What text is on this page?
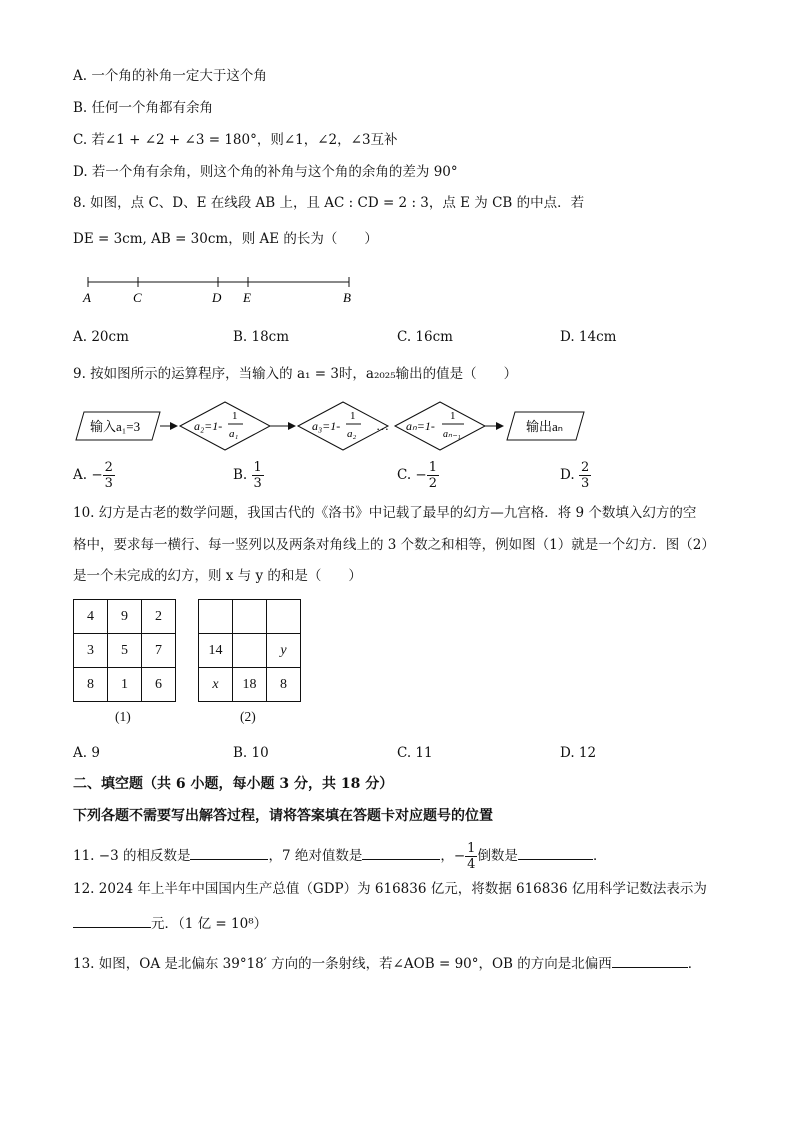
A. 一个角的补角一定大于这个角
B. 任何一个角都有余角
C. 若∠1 + ∠2 + ∠3 = 180°，则∠1，∠2，∠3互补
D. 若一个角有余角，则这个角的补角与这个角的余角的差为 90°
8. 如图，点 C、D、E 在线段 AB 上，且 AC : CD = 2 : 3，点 E 为 CB 的中点．若
DE = 3cm, AB = 30cm，则 AE 的长为（　　）
A	C	D E	B
A. 20cm	B. 18cm	C. 16cm	D. 14cm
9. 按如图所示的运算程序，当输入的 a₁ = 3时，a₂₀₂₅输出的值是（　　）
输入a₁=3	a₂=1-
1
a₁
a₃=1-
1
a₂
… aₙ=1-
1
aₙ₋₁
输出aₙ
A. − $\frac{2}{3}$	B. $\frac{1}{3}$	C. − $\frac{1}{2}$	D. $\frac{2}{3}$
10. 幻方是古老的数学问题，我国古代的《洛书》中记载了最早的幻方—九宫格．将 9 个数填入幻方的空
格中，要求每一横行、每一竖列以及两条对角线上的 3 个数之和相等，例如图（1）就是一个幻方．图（2）
是一个未完成的幻方，则 x 与 y 的和是（　　）
4	9	2
3	5	7
8	1	6
(1)

14		y
x	18	8
(2)
A. 9	B. 10	C. 11	D. 12
二、填空题（共 6 小题，每小题 3 分，共 18 分）
下列各题不需要写出解答过程，请将答案填在答题卡对应题号的位置
11. −3 的相反数是	，7 绝对值数是	，− $\frac{1}{4}$ 倒数是	．
12. 2024 年上半年中国国内生产总值（GDP）为 616836 亿元，将数据 616836 亿用科学记数法表示为
元．（1 亿 = 10⁸）
13. 如图，OA 是北偏东 39°18′ 方向的一条射线，若∠AOB = 90°，OB 的方向是北偏西	．
